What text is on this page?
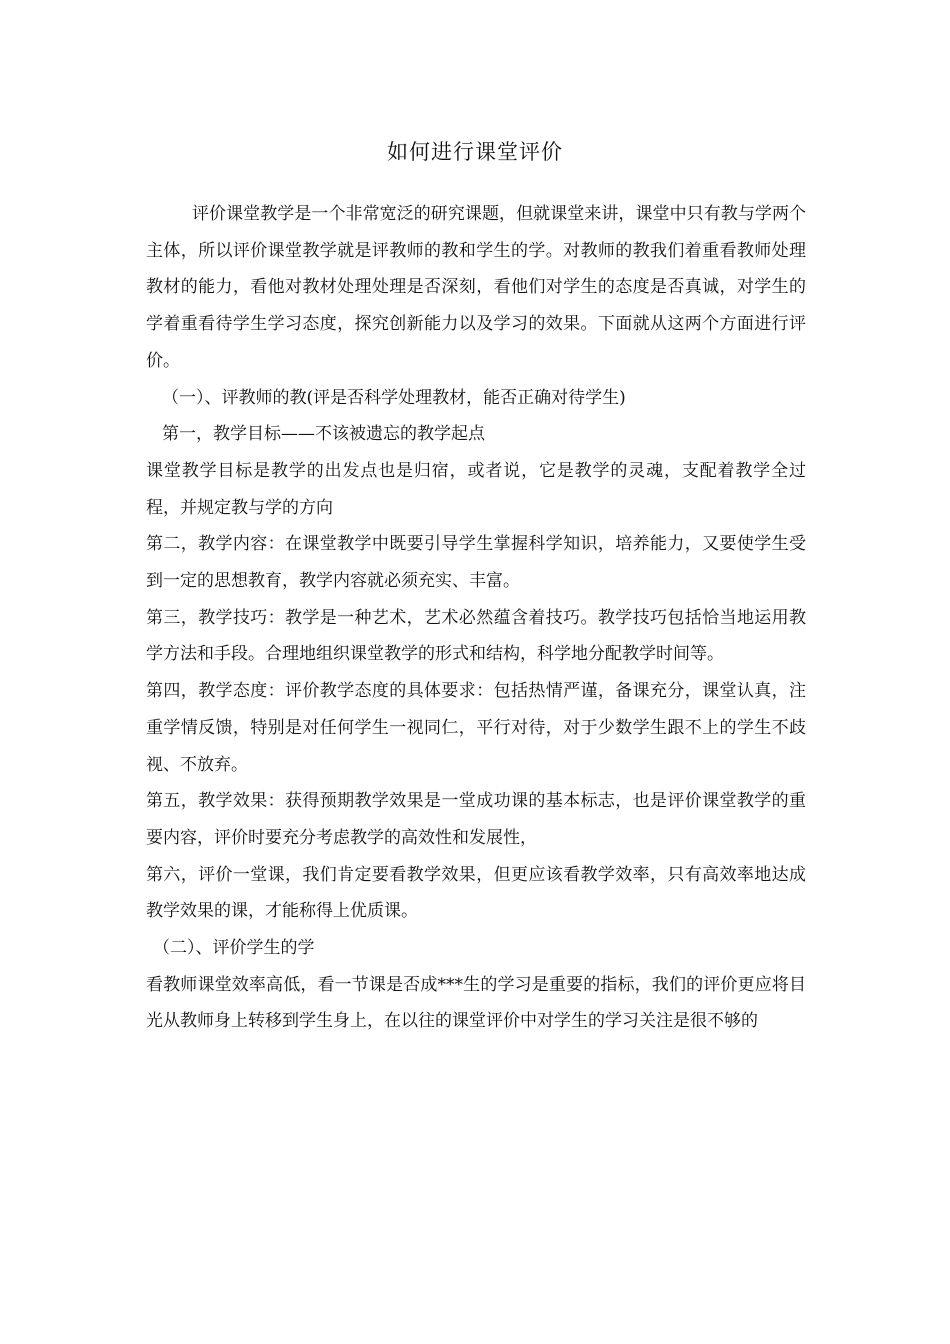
如何进行课堂评价

评价课堂教学是一个非常宽泛的研究课题，但就课堂来讲，课堂中只有教与学两个主体，所以评价课堂教学就是评教师的教和学生的学。对教师的教我们着重看教师处理教材的能力，看他对教材处理处理是否深刻，看他们对学生的态度是否真诚，对学生的学着重看待学生学习态度，探究创新能力以及学习的效果。下面就从这两个方面进行评价。

（一）、评教师的教(评是否科学处理教材，能否正确对待学生)

第一，教学目标——不该被遗忘的教学起点

课堂教学目标是教学的出发点也是归宿，或者说，它是教学的灵魂，支配着教学全过程，并规定教与学的方向

第二，教学内容：在课堂教学中既要引导学生掌握科学知识，培养能力，又要使学生受到一定的思想教育，教学内容就必须充实、丰富。

第三，教学技巧：教学是一种艺术，艺术必然蕴含着技巧。教学技巧包括恰当地运用教学方法和手段。合理地组织课堂教学的形式和结构，科学地分配教学时间等。

第四，教学态度：评价教学态度的具体要求：包括热情严谨，备课充分，课堂认真，注重学情反馈，特别是对任何学生一视同仁，平行对待，对于少数学生跟不上的学生不歧视、不放弃。

第五，教学效果：获得预期教学效果是一堂成功课的基本标志，也是评价课堂教学的重要内容，评价时要充分考虑教学的高效性和发展性，

第六，评价一堂课，我们肯定要看教学效果，但更应该看教学效率，只有高效率地达成教学效果的课，才能称得上优质课。

（二）、评价学生的学

看教师课堂效率高低，看一节课是否成***生的学习是重要的指标，我们的评价更应将目光从教师身上转移到学生身上，在以往的课堂评价中对学生的学习关注是很不够的
